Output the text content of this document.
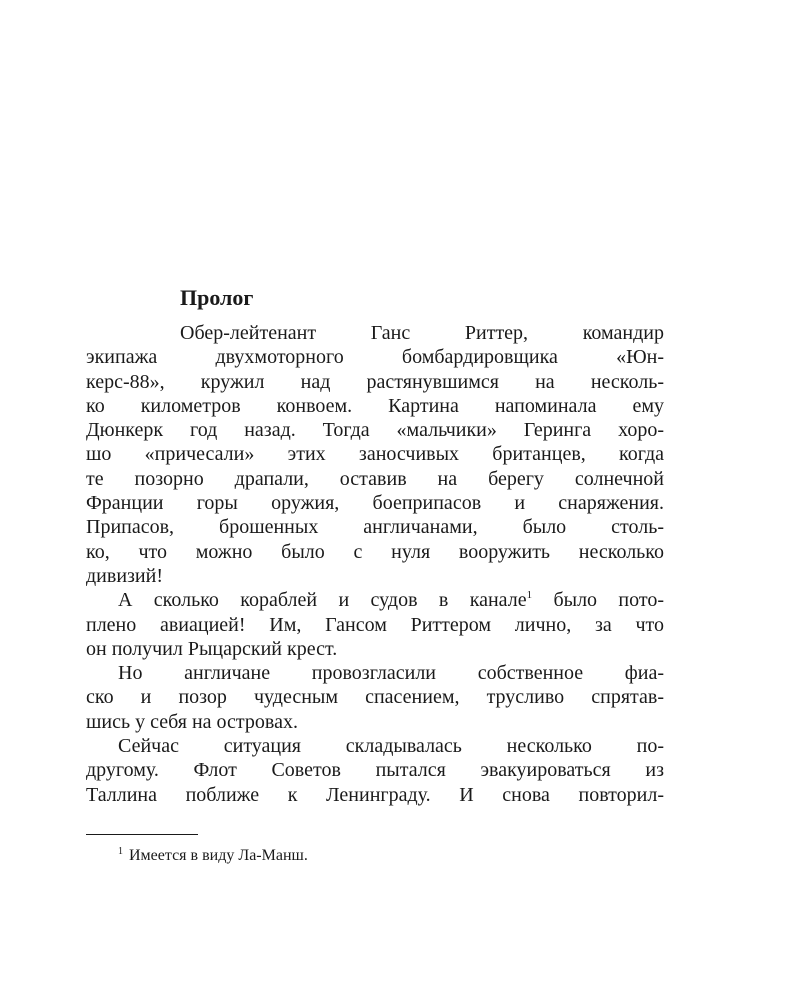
Пролог
Обер-лейтенант Ганс Риттер, командир
экипажа двухмоторного бомбардировщика «Юн-
керс-88», кружил над растянувшимся на несколь-
ко километров конвоем. Картина напоминала ему
Дюнкерк год назад. Тогда «мальчики» Геринга хоро-
шо «причесали» этих заносчивых британцев, когда
те позорно драпали, оставив на берегу солнечной
Франции горы оружия, боеприпасов и снаряжения.
Припасов, брошенных англичанами, было столь-
ко, что можно было с нуля вооружить несколько
дивизий!
А сколько кораблей и судов в канале$^1$ было пото-
плено авиацией! Им, Гансом Риттером лично, за что
он получил Рыцарский крест.
Но англичане провозгласили собственное фиа-
ско и позор чудесным спасением, трусливо спрятав-
шись у себя на островах.
Сейчас ситуация складывалась несколько по-
другому. Флот Советов пытался эвакуироваться из
Таллина поближе к Ленинграду. И снова повторил-
$^1$ Имеется в виду Ла-Манш.
